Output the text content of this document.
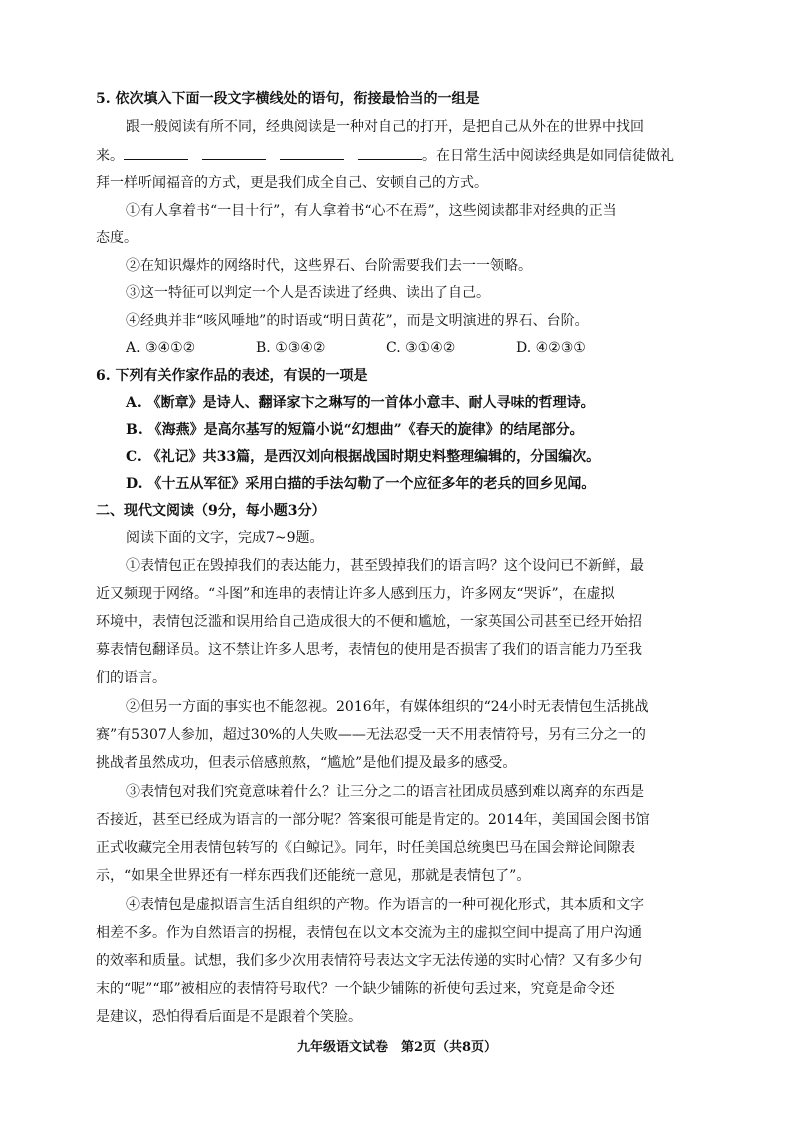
5. 依次填入下面一段文字横线处的语句，衔接最恰当的一组是

跟一般阅读有所不同，经典阅读是一种对自己的打开，是把自己从外在的世界中找回

来。	。在日常生活中阅读经典是如同信徒做礼

拜一样听闻福音的方式，更是我们成全自己、安顿自己的方式。

①有人拿着书“一目十行”，有人拿着书“心不在焉”，这些阅读都非对经典的正当

态度。

②在知识爆炸的网络时代，这些界石、台阶需要我们去一一领略。

③这一特征可以判定一个人是否读进了经典、读出了自己。

④经典并非“咳风唾地”的时语或“明日黄花”，而是文明演进的界石、台阶。

A. ③④①②	B. ①③④②	C. ③①④②	D. ④②③①

6. 下列有关作家作品的表述，有误的一项是

A. 《断章》是诗人、翻译家卞之琳写的一首体小意丰、耐人寻味的哲理诗。

B. 《海燕》是高尔基写的短篇小说“幻想曲”《春天的旋律》的结尾部分。

C. 《礼记》共33篇，是西汉刘向根据战国时期史料整理编辑的，分国编次。

D. 《十五从军征》采用白描的手法勾勒了一个应征多年的老兵的回乡见闻。

二、现代文阅读（9分，每小题3分）

阅读下面的文字，完成7~9题。

①表情包正在毁掉我们的表达能力，甚至毁掉我们的语言吗？这个设问已不新鲜，最

近又频现于网络。“斗图”和连串的表情让许多人感到压力，许多网友“哭诉”，在虚拟

环境中，表情包泛滥和误用给自己造成很大的不便和尴尬，一家英国公司甚至已经开始招

募表情包翻译员。这不禁让许多人思考，表情包的使用是否损害了我们的语言能力乃至我

们的语言。

②但另一方面的事实也不能忽视。2016年，有媒体组织的“24小时无表情包生活挑战

赛”有5307人参加，超过30%的人失败——无法忍受一天不用表情符号，另有三分之一的

挑战者虽然成功，但表示倍感煎熬，“尴尬”是他们提及最多的感受。

③表情包对我们究竟意味着什么？让三分之二的语言社团成员感到难以离弃的东西是

否接近，甚至已经成为语言的一部分呢？答案很可能是肯定的。2014年，美国国会图书馆

正式收藏完全用表情包转写的《白鲸记》。同年，时任美国总统奥巴马在国会辩论间隙表

示，“如果全世界还有一样东西我们还能统一意见，那就是表情包了”。

④表情包是虚拟语言生活自组织的产物。作为语言的一种可视化形式，其本质和文字

相差不多。作为自然语言的拐棍，表情包在以文本交流为主的虚拟空间中提高了用户沟通

的效率和质量。试想，我们多少次用表情符号表达文字无法传递的实时心情？又有多少句

末的“呢”“耶”被相应的表情符号取代？一个缺少铺陈的祈使句丢过来，究竟是命令还

是建议，恐怕得看后面是不是跟着个笑脸。

九年级语文试卷　第2页（共8页）
